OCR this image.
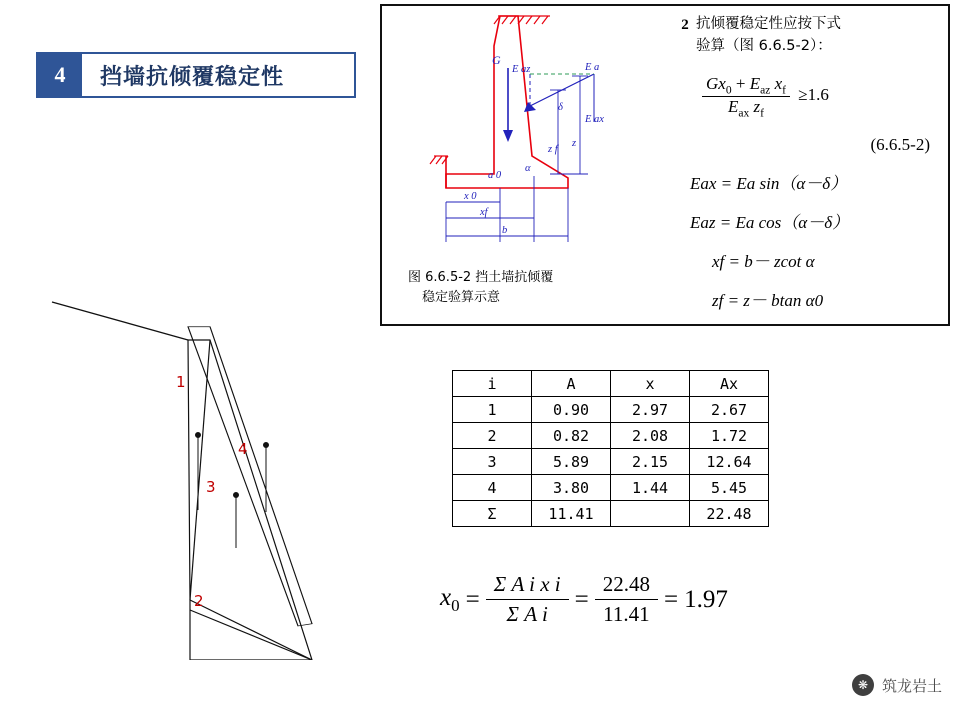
4	挡墙抗倾覆稳定性
G
E az	E a
E ax
δ
z f
z
x 0
xf
b
a 0
α
图 6.6.5-2 挡土墙抗倾覆
稳定验算示意
2 抗倾覆稳定性应按下式
验算（图 6.6.5-2）：
$\frac{Gx_0 + E_{az} x_f}{E_{ax} z_f} \ge 1.6$
(6.6.5-2)
Eax = Ea sin（α－δ）
Eaz = Ea cos（α－δ）
xf = b－ zcot α
zf = z－ btan α0
1
2
3
4
i	A	x	Ax
1	0.90	2.97	2.67
2	0.82	2.08	1.72
3	5.89	2.15	12.64
4	3.80	1.44	5.45
Σ	11.41		22.48
$x_0 = \frac{\text{Σ A i x i}}{\text{Σ A i}} = \frac{22.48}{11.41} = 1.97$
❋ 筑龙岩土
